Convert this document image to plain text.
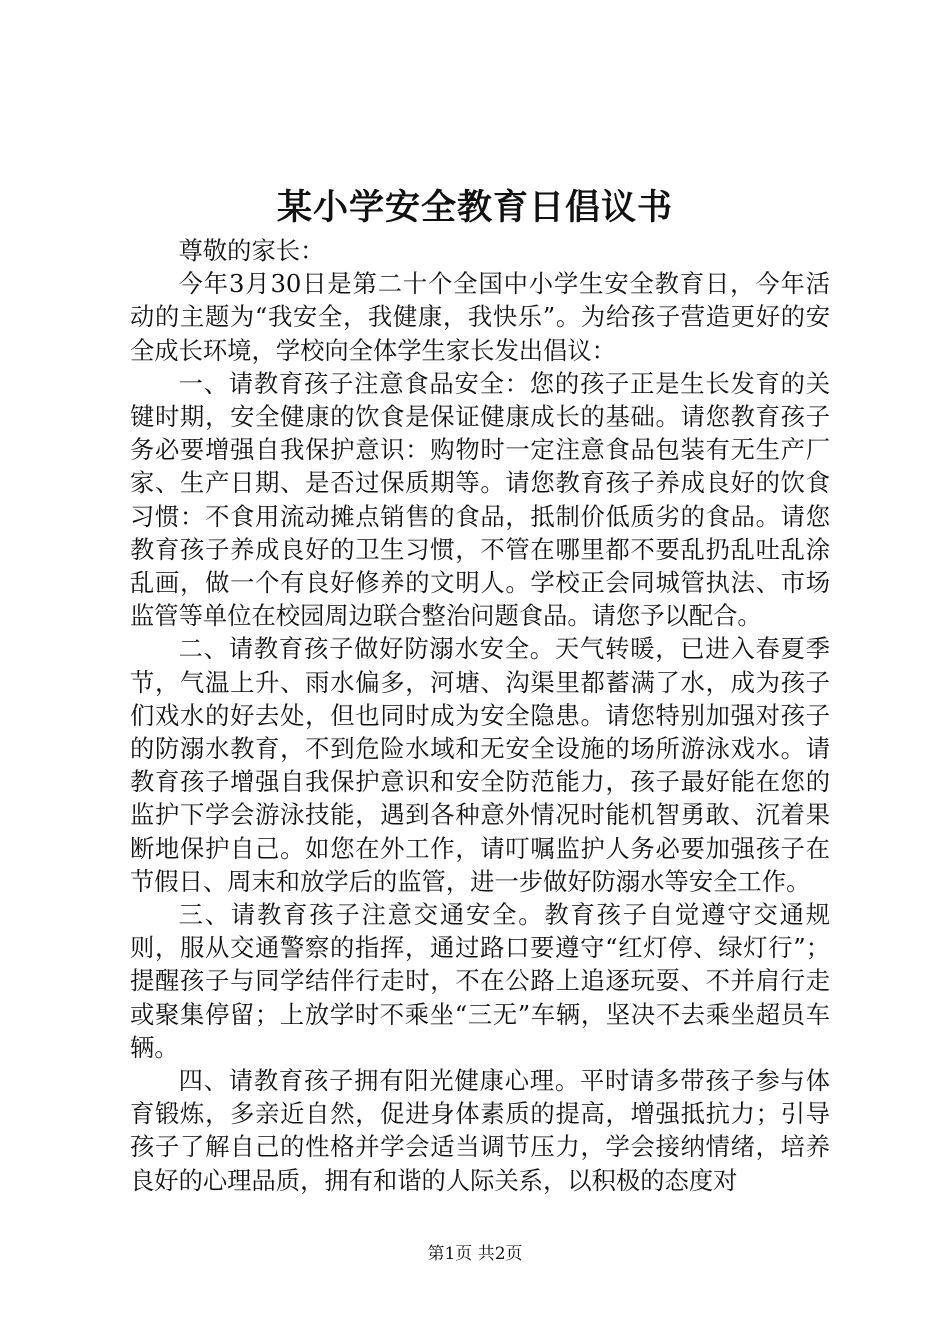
某小学安全教育日倡议书

尊敬的家长：

今年3月30日是第二十个全国中小学生安全教育日，今年活动的主题为“我安全，我健康，我快乐”。为给孩子营造更好的安全成长环境，学校向全体学生家长发出倡议：

一、请教育孩子注意食品安全：您的孩子正是生长发育的关键时期，安全健康的饮食是保证健康成长的基础。请您教育孩子务必要增强自我保护意识：购物时一定注意食品包装有无生产厂家、生产日期、是否过保质期等。请您教育孩子养成良好的饮食习惯：不食用流动摊点销售的食品，抵制价低质劣的食品。请您教育孩子养成良好的卫生习惯，不管在哪里都不要乱扔乱吐乱涂乱画，做一个有良好修养的文明人。学校正会同城管执法、市场监管等单位在校园周边联合整治问题食品。请您予以配合。

二、请教育孩子做好防溺水安全。天气转暖，已进入春夏季节，气温上升、雨水偏多，河塘、沟渠里都蓄满了水，成为孩子们戏水的好去处，但也同时成为安全隐患。请您特别加强对孩子的防溺水教育，不到危险水域和无安全设施的场所游泳戏水。请教育孩子增强自我保护意识和安全防范能力，孩子最好能在您的监护下学会游泳技能，遇到各种意外情况时能机智勇敢、沉着果断地保护自己。如您在外工作，请叮嘱监护人务必要加强孩子在节假日、周末和放学后的监管，进一步做好防溺水等安全工作。

三、请教育孩子注意交通安全。教育孩子自觉遵守交通规则，服从交通警察的指挥，通过路口要遵守“红灯停、绿灯行”；提醒孩子与同学结伴行走时，不在公路上追逐玩耍、不并肩行走或聚集停留；上放学时不乘坐“三无”车辆，坚决不去乘坐超员车辆。

四、请教育孩子拥有阳光健康心理。平时请多带孩子参与体育锻炼，多亲近自然，促进身体素质的提高，增强抵抗力；引导孩子了解自己的性格并学会适当调节压力，学会接纳情绪，培养良好的心理品质，拥有和谐的人际关系，以积极的态度对

第1页 共2页
